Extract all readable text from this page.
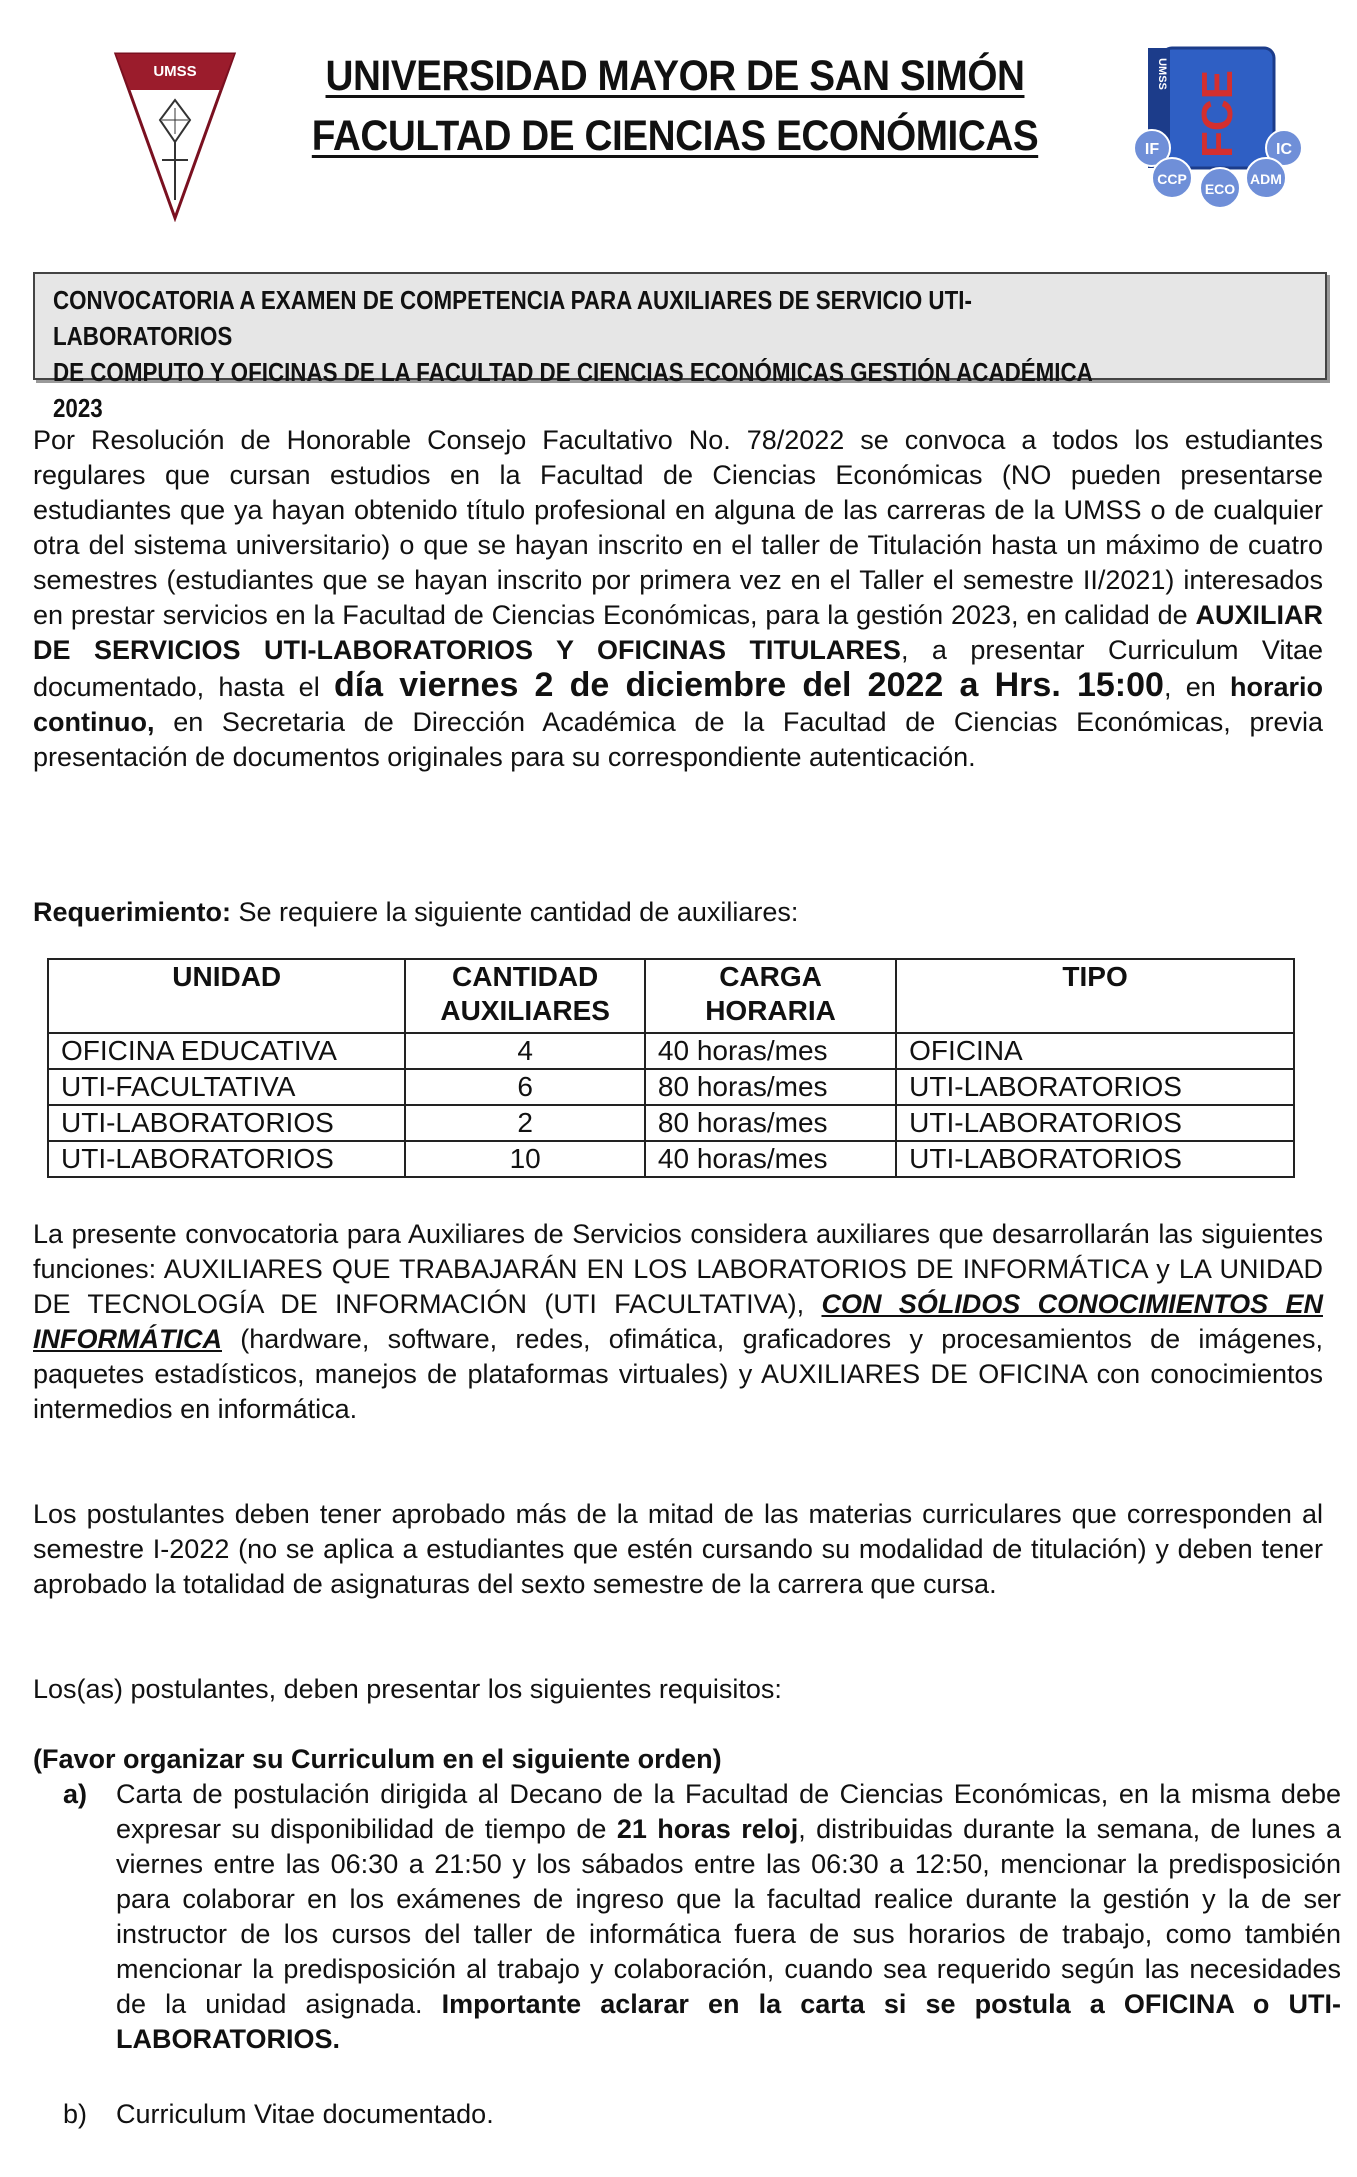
UMSS	UNIVERSIDAD MAYOR DE SAN SIMÓN
FACULTAD DE CIENCIAS ECONÓMICAS
UMSS FCE
IF	IC
CCP
ECO
ADM
CONVOCATORIA A EXAMEN DE COMPETENCIA PARA AUXILIARES DE SERVICIO UTI-LABORATORIOS
DE COMPUTO Y OFICINAS DE LA FACULTAD DE CIENCIAS ECONÓMICAS GESTIÓN ACADÉMICA 2023
Por Resolución de Honorable Consejo Facultativo No. 78/2022 se convoca a todos los estudiantes regulares que cursan estudios en la Facultad de Ciencias Económicas (NO pueden presentarse estudiantes que ya hayan obtenido título profesional en alguna de las carreras de la UMSS o de cualquier otra del sistema universitario) o que se hayan inscrito en el taller de Titulación hasta un máximo de cuatro semestres (estudiantes que se hayan inscrito por primera vez en el Taller el semestre II/2021) interesados en prestar servicios en la Facultad de Ciencias Económicas, para la gestión 2023, en calidad de AUXILIAR DE SERVICIOS UTI-LABORATORIOS Y OFICINAS TITULARES, a presentar Curriculum Vitae documentado, hasta el día viernes 2 de diciembre del 2022 a Hrs. 15:00, en horario continuo, en Secretaria de Dirección Académica de la Facultad de Ciencias Económicas, previa presentación de documentos originales para su correspondiente autenticación.
Requerimiento: Se requiere la siguiente cantidad de auxiliares:
UNIDAD	CANTIDAD AUXILIARES	CARGA HORARIA	TIPO
OFICINA EDUCATIVA	4	40 horas/mes	OFICINA
UTI-FACULTATIVA	6	80 horas/mes	UTI-LABORATORIOS
UTI-LABORATORIOS	2	80 horas/mes	UTI-LABORATORIOS
UTI-LABORATORIOS	10	40 horas/mes	UTI-LABORATORIOS
La presente convocatoria para Auxiliares de Servicios considera auxiliares que desarrollarán las siguientes funciones: AUXILIARES QUE TRABAJARÁN EN LOS LABORATORIOS DE INFORMÁTICA y LA UNIDAD DE TECNOLOGÍA DE INFORMACIÓN (UTI FACULTATIVA), CON SÓLIDOS CONOCIMIENTOS EN INFORMÁTICA (hardware, software, redes, ofimática, graficadores y procesamientos de imágenes, paquetes estadísticos, manejos de plataformas virtuales) y AUXILIARES DE OFICINA con conocimientos intermedios en informática.
Los postulantes deben tener aprobado más de la mitad de las materias curriculares que corresponden al semestre I-2022 (no se aplica a estudiantes que estén cursando su modalidad de titulación) y deben tener aprobado la totalidad de asignaturas del sexto semestre de la carrera que cursa.
Los(as) postulantes, deben presentar los siguientes requisitos:
(Favor organizar su Curriculum en el siguiente orden)
a) Carta de postulación dirigida al Decano de la Facultad de Ciencias Económicas, en la misma debe expresar su disponibilidad de tiempo de 21 horas reloj, distribuidas durante la semana, de lunes a viernes entre las 06:30 a 21:50 y los sábados entre las 06:30 a 12:50, mencionar la predisposición para colaborar en los exámenes de ingreso que la facultad realice durante la gestión y la de ser instructor de los cursos del taller de informática fuera de sus horarios de trabajo, como también mencionar la predisposición al trabajo y colaboración, cuando sea requerido según las necesidades de la unidad asignada. Importante aclarar en la carta si se postula a OFICINA o UTI-LABORATORIOS.
b) Curriculum Vitae documentado.
